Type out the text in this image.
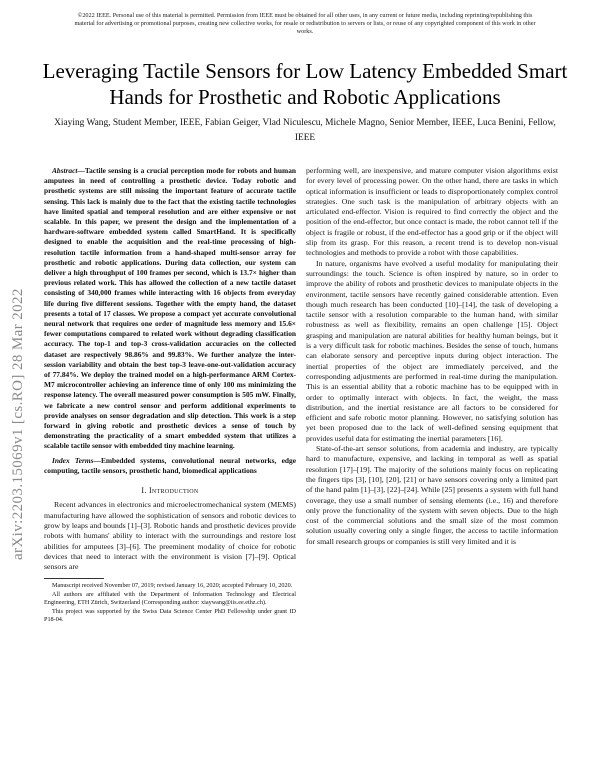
©2022 IEEE. Personal use of this material is permitted. Permission from IEEE must be obtained for all other uses, in any current or future media, including reprinting/republishing this material for advertising or promotional purposes, creating new collective works, for resale or redistribution to servers or lists, or reuse of any copyrighted component of this work in other works.
arXiv:2203.15069v1 [cs.RO] 28 Mar 2022
Leveraging Tactile Sensors for Low Latency Embedded Smart Hands for Prosthetic and Robotic Applications
Xiaying Wang, Student Member, IEEE, Fabian Geiger, Vlad Niculescu, Michele Magno, Senior Member, IEEE, Luca Benini, Fellow, IEEE

Abstract—Tactile sensing is a crucial perception mode for robots and human amputees in need of controlling a prosthetic device. Today robotic and prosthetic systems are still missing the important feature of accurate tactile sensing. This lack is mainly due to the fact that the existing tactile technologies have limited spatial and temporal resolution and are either expensive or not scalable. In this paper, we present the design and the implementation of a hardware-software embedded system called SmartHand. It is specifically designed to enable the acquisition and the real-time processing of high-resolution tactile information from a hand-shaped multi-sensor array for prosthetic and robotic applications. During data collection, our system can deliver a high throughput of 100 frames per second, which is 13.7× higher than previous related work. This has allowed the collection of a new tactile dataset consisting of 340,000 frames while interacting with 16 objects from everyday life during five different sessions. Together with the empty hand, the dataset presents a total of 17 classes. We propose a compact yet accurate convolutional neural network that requires one order of magnitude less memory and 15.6× fewer computations compared to related work without degrading classification accuracy. The top-1 and top-3 cross-validation accuracies on the collected dataset are respectively 98.86% and 99.83%. We further analyze the inter-session variability and obtain the best top-3 leave-one-out-validation accuracy of 77.84%. We deploy the trained model on a high-performance ARM Cortex-M7 microcontroller achieving an inference time of only 100 ms minimizing the response latency. The overall measured power consumption is 505 mW. Finally, we fabricate a new control sensor and perform additional experiments to provide analyses on sensor degradation and slip detection. This work is a step forward in giving robotic and prosthetic devices a sense of touch by demonstrating the practicality of a smart embedded system that utilizes a scalable tactile sensor with embedded tiny machine learning.

Index Terms—Embedded systems, convolutional neural networks, edge computing, tactile sensors, prosthetic hand, biomedical applications

I. Introduction

Recent advances in electronics and microelectromechanical system (MEMS) manufacturing have allowed the sophistication of sensors and robotic devices to grow by leaps and bounds [1]–[3]. Robotic hands and prosthetic devices provide robots with humans' ability to interact with the surroundings and restore lost abilities for amputees [3]–[6]. The preeminent modality of choice for robotic devices that need to interact with the environment is vision [7]–[9]. Optical sensors are

Manuscript received November 07, 2019; revised January 16, 2020; accepted February 10, 2020.

All authors are affiliated with the Department of Information Technology and Electrical Engineering, ETH Zürich, Switzerland (Corresponding author: xiaywang@iis.ee.ethz.ch).

This project was supported by the Swiss Data Science Center PhD Fellowship under grant ID P18-04.

performing well, are inexpensive, and mature computer vision algorithms exist for every level of processing power. On the other hand, there are tasks in which optical information is insufficient or leads to disproportionately complex control strategies. One such task is the manipulation of arbitrary objects with an articulated end-effector. Vision is required to find correctly the object and the position of the end-effector, but once contact is made, the robot cannot tell if the object is fragile or robust, if the end-effector has a good grip or if the object will slip from its grasp. For this reason, a recent trend is to develop non-visual technologies and methods to provide a robot with those capabilities.

In nature, organisms have evolved a useful modality for manipulating their surroundings: the touch. Science is often inspired by nature, so in order to improve the ability of robots and prosthetic devices to manipulate objects in the environment, tactile sensors have recently gained considerable attention. Even though much research has been conducted [10]–[14], the task of developing a tactile sensor with a resolution comparable to the human hand, with similar robustness as well as flexibility, remains an open challenge [15]. Object grasping and manipulation are natural abilities for healthy human beings, but it is a very difficult task for robotic machines. Besides the sense of touch, humans can elaborate sensory and perceptive inputs during object interaction. The inertial properties of the object are immediately perceived, and the corresponding adjustments are performed in real-time during the manipulation. This is an essential ability that a robotic machine has to be equipped with in order to optimally interact with objects. In fact, the weight, the mass distribution, and the inertial resistance are all factors to be considered for efficient and safe robotic motor planning. However, no satisfying solution has yet been proposed due to the lack of well-defined sensing equipment that provides useful data for estimating the inertial parameters [16].

State-of-the-art sensor solutions, from academia and industry, are typically hard to manufacture, expensive, and lacking in temporal as well as spatial resolution [17]–[19]. The majority of the solutions mainly focus on replicating the fingers tips [3], [10], [20], [21] or have sensors covering only a limited part of the hand palm [1]–[3], [22]–[24]. While [25] presents a system with full hand coverage, they use a small number of sensing elements (i.e., 16) and therefore only prove the functionality of the system with seven objects. Due to the high cost of the commercial solutions and the small size of the most common solution usually covering only a single finger, the access to tactile information for small research groups or companies is still very limited and it is
